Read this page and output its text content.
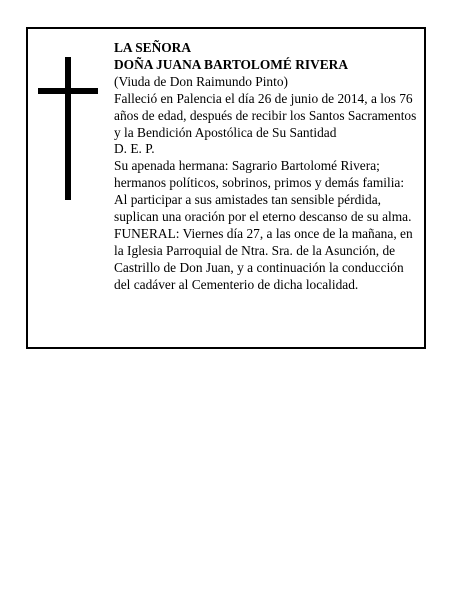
LA SEÑORA

DOÑA JUANA BARTOLOMÉ RIVERA

(Viuda de Don Raimundo Pinto)

Falleció en Palencia el día 26 de junio de 2014, a los 76 años de edad, después de recibir los Santos Sacramentos y la Bendición Apostólica de Su Santidad

D. E. P.

Su apenada hermana: Sagrario Bartolomé Rivera; hermanos políticos, sobrinos, primos y demás familia:

Al participar a sus amistades tan sensible pérdida, suplican una oración por el eterno descanso de su alma.

FUNERAL: Viernes día 27, a las once de la mañana, en la Iglesia Parroquial de Ntra. Sra. de la Asunción, de Castrillo de Don Juan, y a continuación la conducción del cadáver al Cementerio de dicha localidad.
